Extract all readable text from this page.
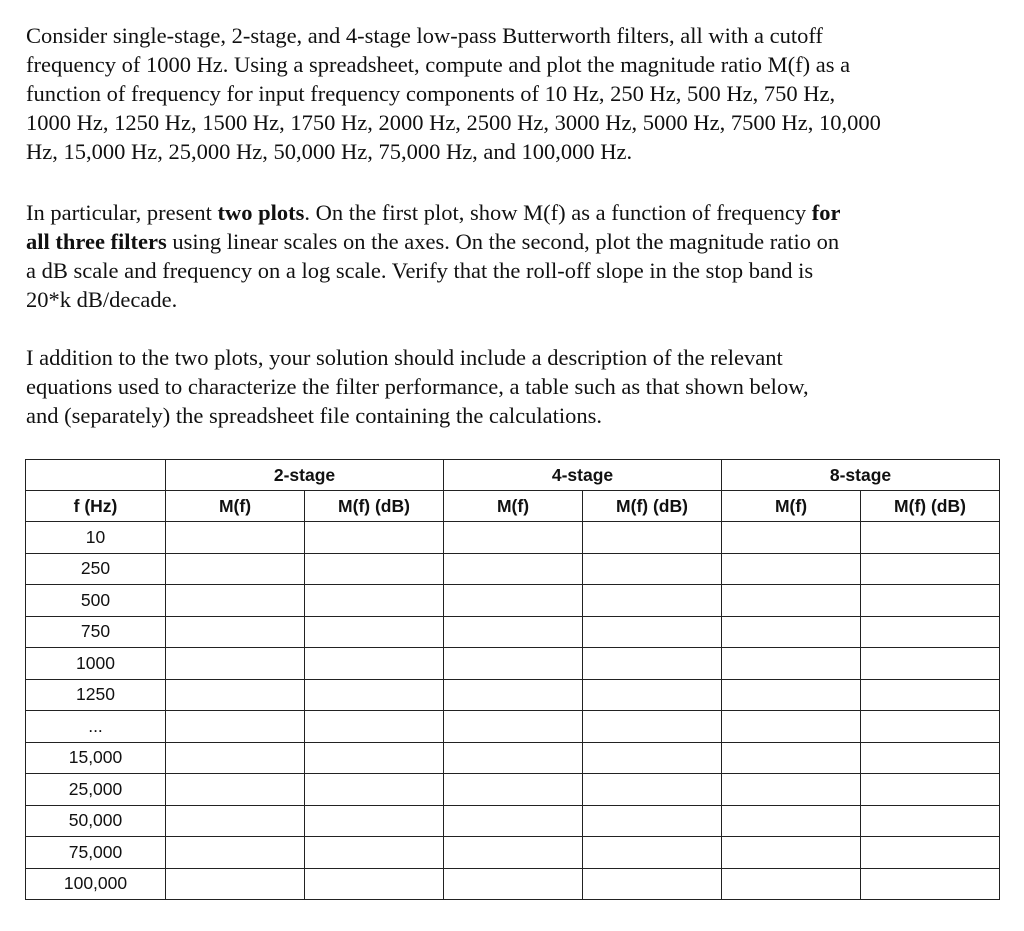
Consider single-stage, 2-stage, and 4-stage low-pass Butterworth filters, all with a cutoff
frequency of 1000 Hz. Using a spreadsheet, compute and plot the magnitude ratio M(f) as a
function of frequency for input frequency components of 10 Hz, 250 Hz, 500 Hz, 750 Hz,
1000 Hz, 1250 Hz, 1500 Hz, 1750 Hz, 2000 Hz, 2500 Hz, 3000 Hz, 5000 Hz, 7500 Hz, 10,000
Hz, 15,000 Hz, 25,000 Hz, 50,000 Hz, 75,000 Hz, and 100,000 Hz.
In particular, present two plots. On the first plot, show M(f) as a function of frequency for
all three filters using linear scales on the axes. On the second, plot the magnitude ratio on
a dB scale and frequency on a log scale. Verify that the roll-off slope in the stop band is
20*k dB/decade.
I addition to the two plots, your solution should include a description of the relevant
equations used to characterize the filter performance, a table such as that shown below,
and (separately) the spreadsheet file containing the calculations.
	2-stage		4-stage		8-stage	
f (Hz)	M(f)	M(f) (dB)	M(f)	M(f) (dB)	M(f)	M(f) (dB)
10						
250						
500						
750						
1000						
1250						
...						
15,000						
25,000						
50,000						
75,000						
100,000						
